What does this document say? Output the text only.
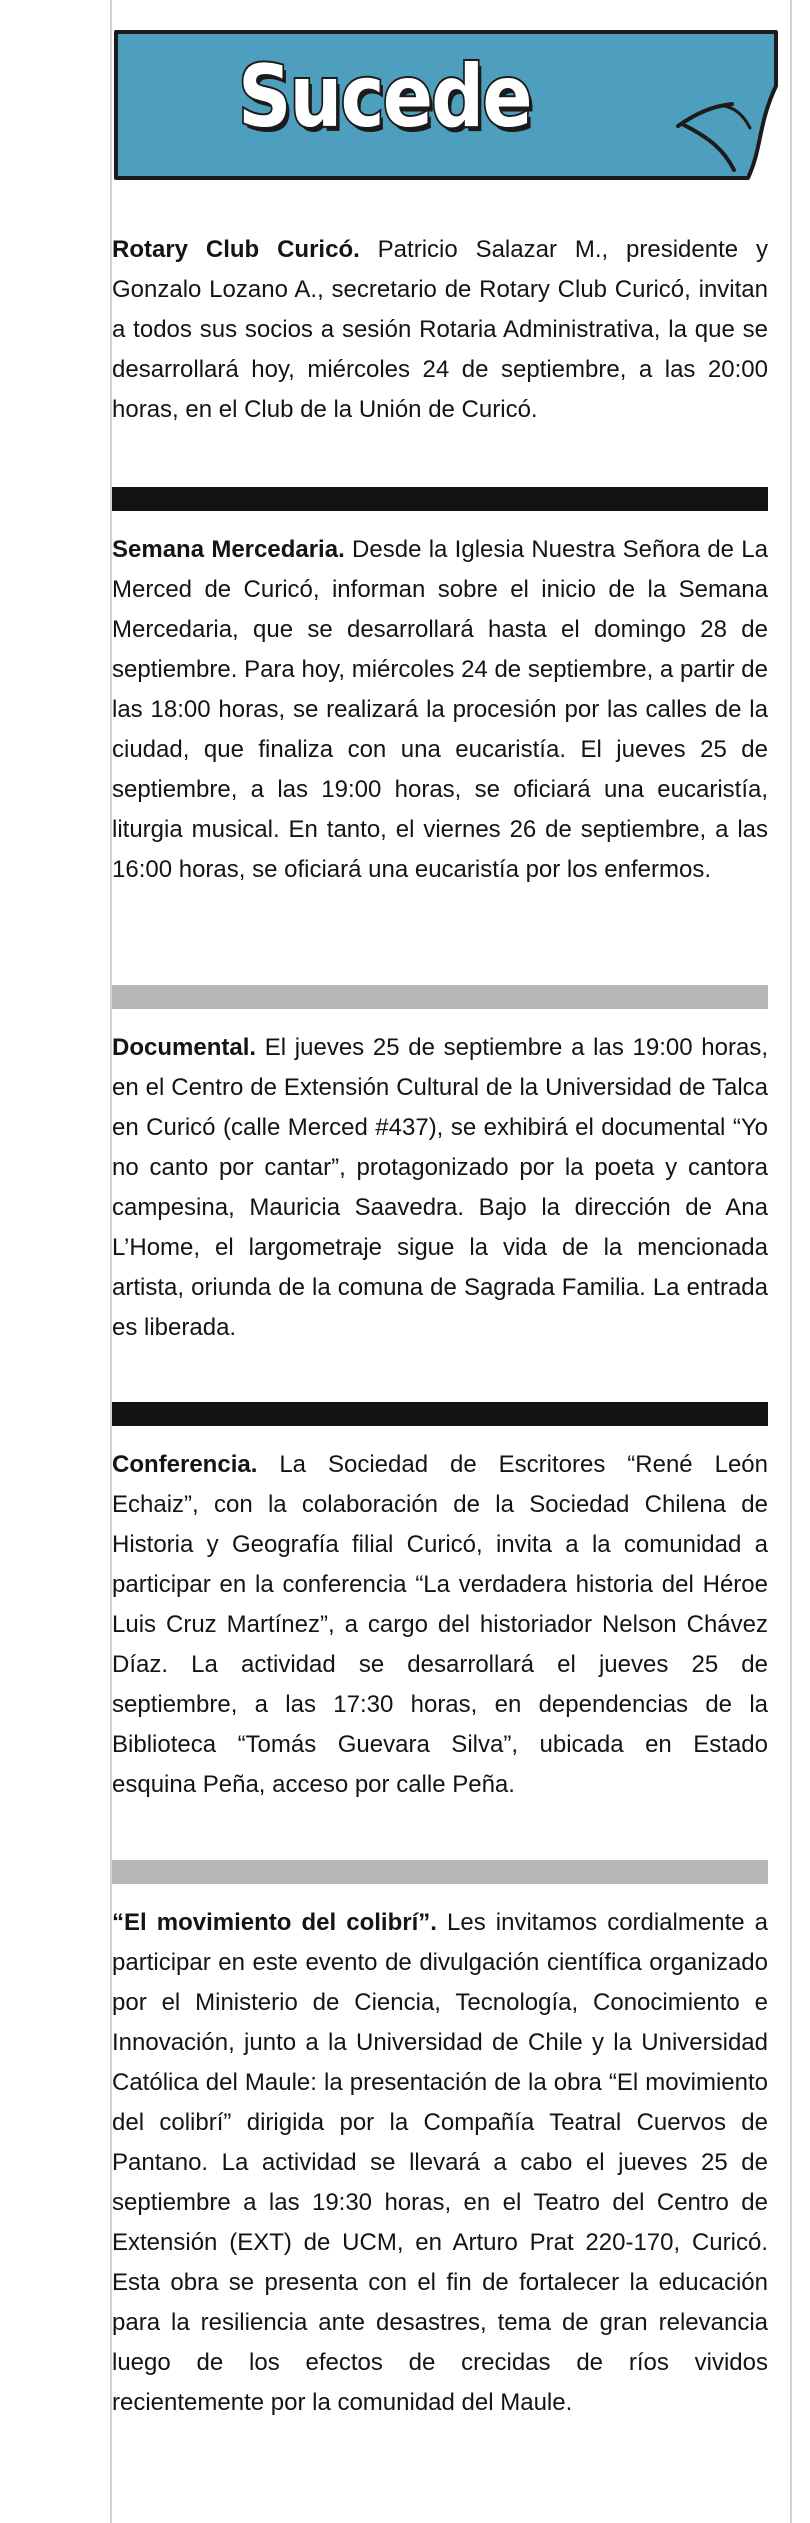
Sucede
Rotary Club Curicó. Patricio Salazar M., presidente y Gonzalo Lozano A., secretario de Rotary Club Curicó, invitan a todos sus socios a sesión Rotaria Administrativa, la que se desarrollará hoy, miércoles 24 de septiembre, a las 20:00 horas, en el Club de la Unión de Curicó.
Semana Mercedaria. Desde la Iglesia Nuestra Señora de La Merced de Curicó, informan sobre el inicio de la Semana Mercedaria, que se desarrollará hasta el domingo 28 de septiembre. Para hoy, miércoles 24 de septiembre, a partir de las 18:00 horas, se realizará la procesión por las calles de la ciudad, que finaliza con una eucaristía. El jueves 25 de septiembre, a las 19:00 horas, se oficiará una eucaristía, liturgia musical. En tanto, el viernes 26 de septiembre, a las 16:00 horas, se oficiará una eucaristía por los enfermos.
Documental. El jueves 25 de septiembre a las 19:00 horas, en el Centro de Extensión Cultural de la Universidad de Talca en Curicó (calle Merced #437), se exhibirá el documental “Yo no canto por cantar”, protagonizado por la poeta y cantora campesina, Mauricia Saavedra. Bajo la dirección de Ana L’Home, el largometraje sigue la vida de la mencionada artista, oriunda de la comuna de Sagrada Familia. La entrada es liberada.
Conferencia. La Sociedad de Escritores “René León Echaiz”, con la colaboración de la Sociedad Chilena de Historia y Geografía filial Curicó, invita a la comunidad a participar en la conferencia “La verdadera historia del Héroe Luis Cruz Martínez”, a cargo del historiador Nelson Chávez Díaz. La actividad se desarrollará el jueves 25 de septiembre, a las 17:30 horas, en dependencias de la Biblioteca “Tomás Guevara Silva”, ubicada en Estado esquina Peña, acceso por calle Peña.
“El movimiento del colibrí”. Les invitamos cordialmente a participar en este evento de divulgación científica organizado por el Ministerio de Ciencia, Tecnología, Conocimiento e Innovación, junto a la Universidad de Chile y la Universidad Católica del Maule: la presentación de la obra “El movimiento del colibrí” dirigida por la Compañía Teatral Cuervos de Pantano. La actividad se llevará a cabo el jueves 25 de septiembre a las 19:30 horas, en el Teatro del Centro de Extensión (EXT) de UCM, en Arturo Prat 220-170, Curicó. Esta obra se presenta con el fin de fortalecer la educación para la resiliencia ante desastres, tema de gran relevancia luego de los efectos de crecidas de ríos vividos recientemente por la comunidad del Maule.
